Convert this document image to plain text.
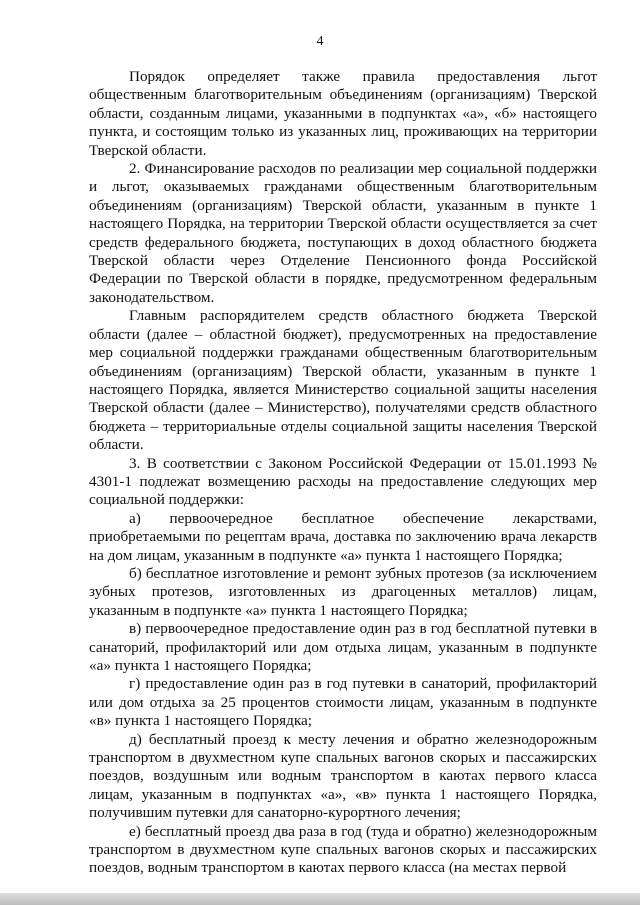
4

Порядок определяет также правила предоставления льгот общественным благотворительным объединениям (организациям) Тверской области, созданным лицами, указанными в подпунктах «а», «б» настоящего пункта, и состоящим только из указанных лиц, проживающих на территории Тверской области.

2. Финансирование расходов по реализации мер социальной поддержки и льгот, оказываемых гражданами общественным благотворительным объединениям (организациям) Тверской области, указанным в пункте 1 настоящего Порядка, на территории Тверской области осуществляется за счет средств федерального бюджета, поступающих в доход областного бюджета Тверской области через Отделение Пенсионного фонда Российской Федерации по Тверской области в порядке, предусмотренном федеральным законодательством.

Главным распорядителем средств областного бюджета Тверской области (далее – областной бюджет), предусмотренных на предоставление мер социальной поддержки гражданами общественным благотворительным объединениям (организациям) Тверской области, указанным в пункте 1 настоящего Порядка, является Министерство социальной защиты населения Тверской области (далее – Министерство), получателями средств областного бюджета – территориальные отделы социальной защиты населения Тверской области.

3. В соответствии с Законом Российской Федерации от 15.01.1993 № 4301-1 подлежат возмещению расходы на предоставление следующих мер социальной поддержки:

а) первоочередное бесплатное обеспечение лекарствами, приобретаемыми по рецептам врача, доставка по заключению врача лекарств на дом лицам, указанным в подпункте «а» пункта 1 настоящего Порядка;

б) бесплатное изготовление и ремонт зубных протезов (за исключением зубных протезов, изготовленных из драгоценных металлов) лицам, указанным в подпункте «а» пункта 1 настоящего Порядка;

в) первоочередное предоставление один раз в год бесплатной путевки в санаторий, профилакторий или дом отдыха лицам, указанным в подпункте «а» пункта 1 настоящего Порядка;

г) предоставление один раз в год путевки в санаторий, профилакторий или дом отдыха за 25 процентов стоимости лицам, указанным в подпункте «в» пункта 1 настоящего Порядка;

д) бесплатный проезд к месту лечения и обратно железнодорожным транспортом в двухместном купе спальных вагонов скорых и пассажирских поездов, воздушным или водным транспортом в каютах первого класса лицам, указанным в подпунктах «а», «в» пункта 1 настоящего Порядка, получившим путевки для санаторно-курортного лечения;

е) бесплатный проезд два раза в год (туда и обратно) железнодорожным транспортом в двухместном купе спальных вагонов скорых и пассажирских поездов, водным транспортом в каютах первого класса (на местах первой
